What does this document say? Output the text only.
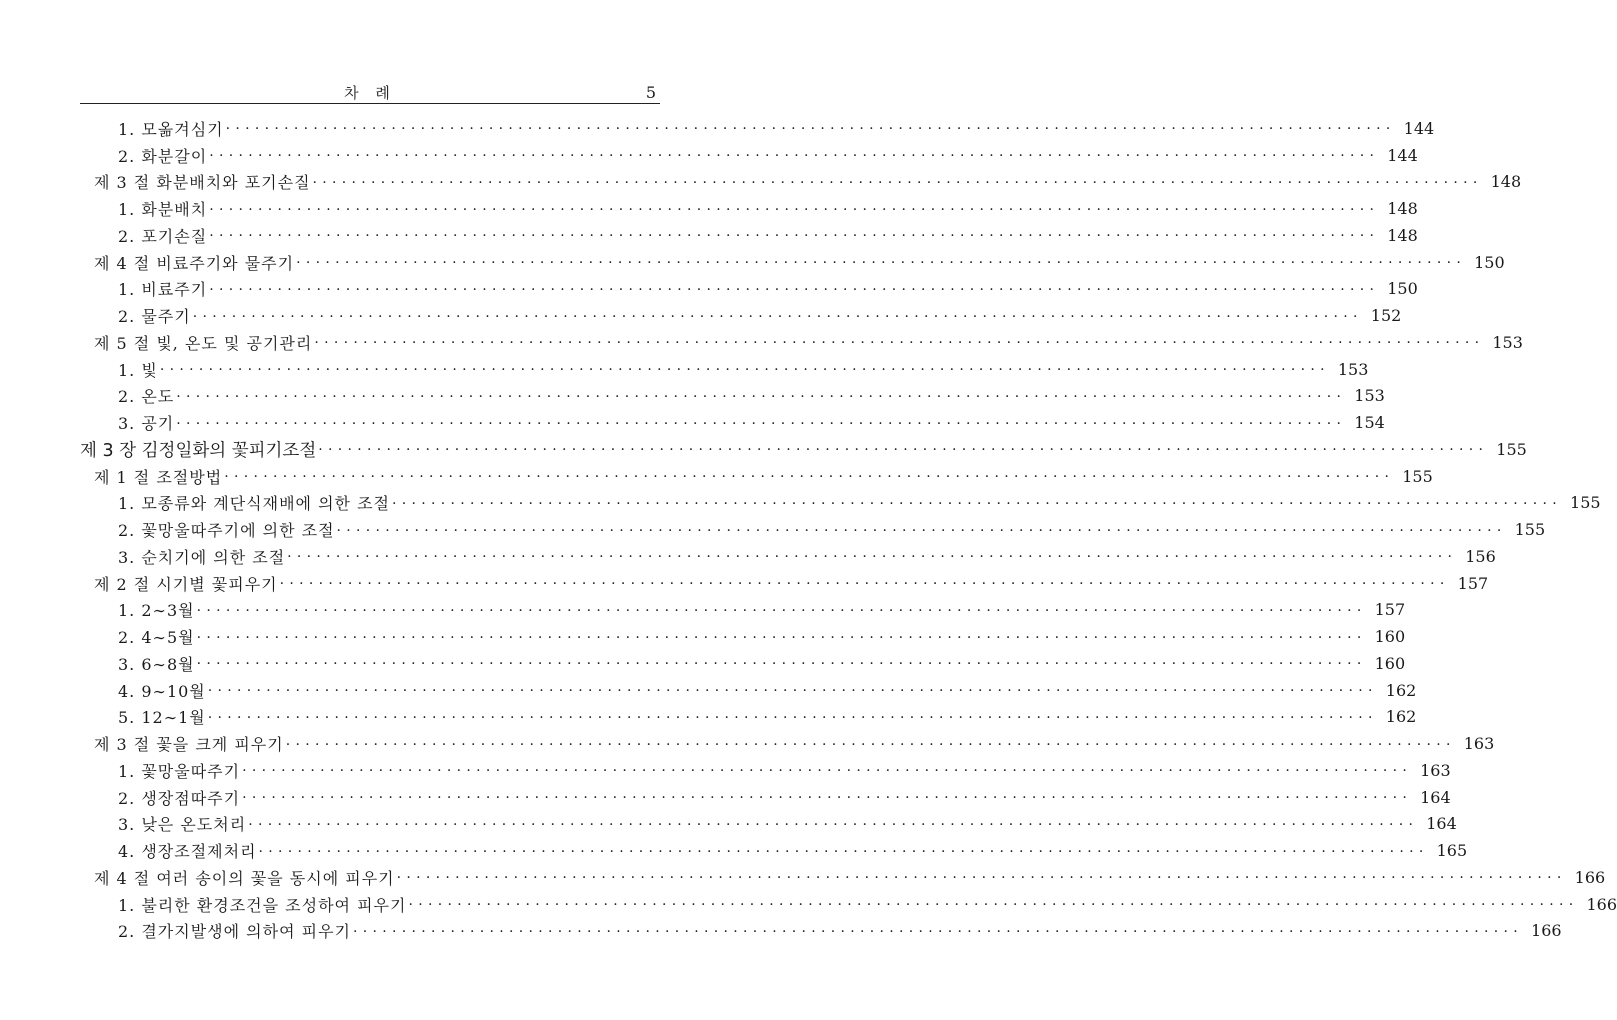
차 례	5
1. 모옮겨심기 ························································································································ 144
2. 화분갈이 ························································································································ 144
제 3 절 화분배치와 포기손질 ························································································································ 148
1. 화분배치 ························································································································ 148
2. 포기손질 ························································································································ 148
제 4 절 비료주기와 물주기 ························································································································ 150
1. 비료주기 ························································································································ 150
2. 물주기 ························································································································ 152
제 5 절 빛, 온도 및 공기관리 ························································································································ 153
1. 빛 ························································································································ 153
2. 온도 ························································································································ 153
3. 공기 ························································································································ 154
제 3 장 김정일화의 꽃피기조절 ························································································································ 155
제 1 절 조절방법 ························································································································ 155
1. 모종류와 계단식재배에 의한 조절 ························································································································ 155
2. 꽃망울따주기에 의한 조절 ························································································································ 155
3. 순치기에 의한 조절 ························································································································ 156
제 2 절 시기별 꽃피우기 ························································································································ 157
1. 2∼3월 ························································································································ 157
2. 4∼5월 ························································································································ 160
3. 6∼8월 ························································································································ 160
4. 9∼10월 ························································································································ 162
5. 12∼1월 ························································································································ 162
제 3 절 꽃을 크게 피우기 ························································································································ 163
1. 꽃망울따주기 ························································································································ 163
2. 생장점따주기 ························································································································ 164
3. 낮은 온도처리 ························································································································ 164
4. 생장조절제처리 ························································································································ 165
제 4 절 여러 송이의 꽃을 동시에 피우기 ························································································································ 166
1. 불리한 환경조건을 조성하여 피우기 ························································································································ 166
2. 결가지발생에 의하여 피우기 ························································································································ 166
